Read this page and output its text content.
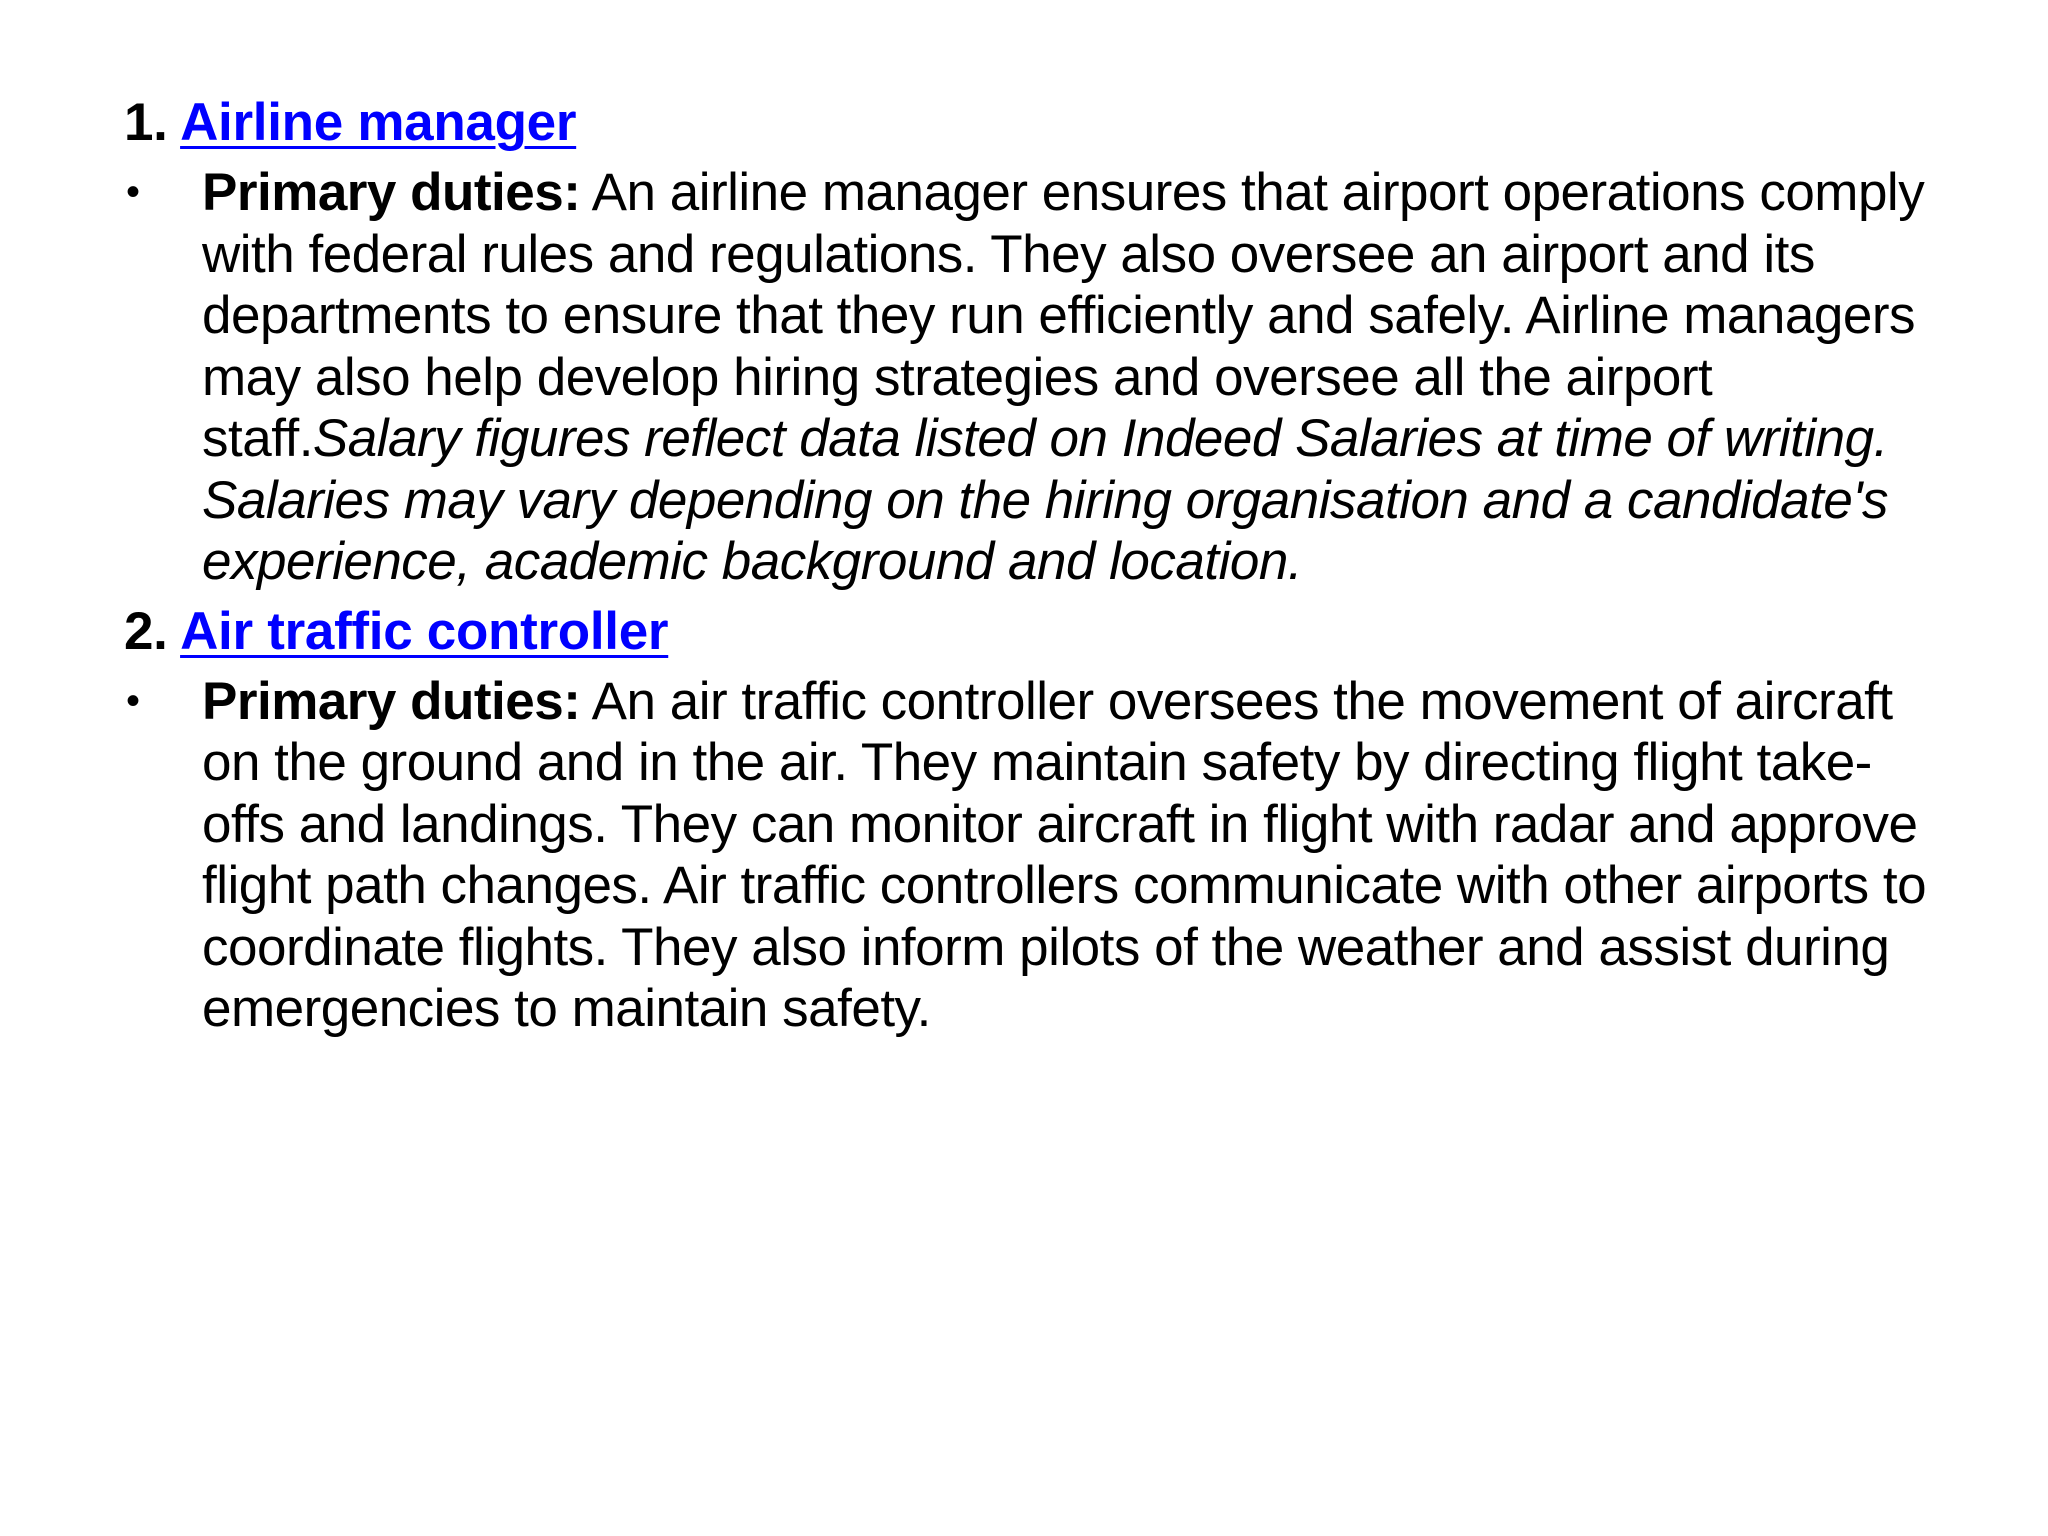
1. Airline manager

• Primary duties: An airline manager ensures that airport operations comply with federal rules and regulations. They also oversee an airport and its departments to ensure that they run efficiently and safely. Airline managers may also help develop hiring strategies and oversee all the airport staff.Salary figures reflect data listed on Indeed Salaries at time of writing. Salaries may vary depending on the hiring organisation and a candidate's experience, academic background and location.

2. Air traffic controller

• Primary duties: An air traffic controller oversees the movement of aircraft on the ground and in the air. They maintain safety by directing flight take-offs and landings. They can monitor aircraft in flight with radar and approve flight path changes. Air traffic controllers communicate with other airports to coordinate flights. They also inform pilots of the weather and assist during emergencies to maintain safety.
